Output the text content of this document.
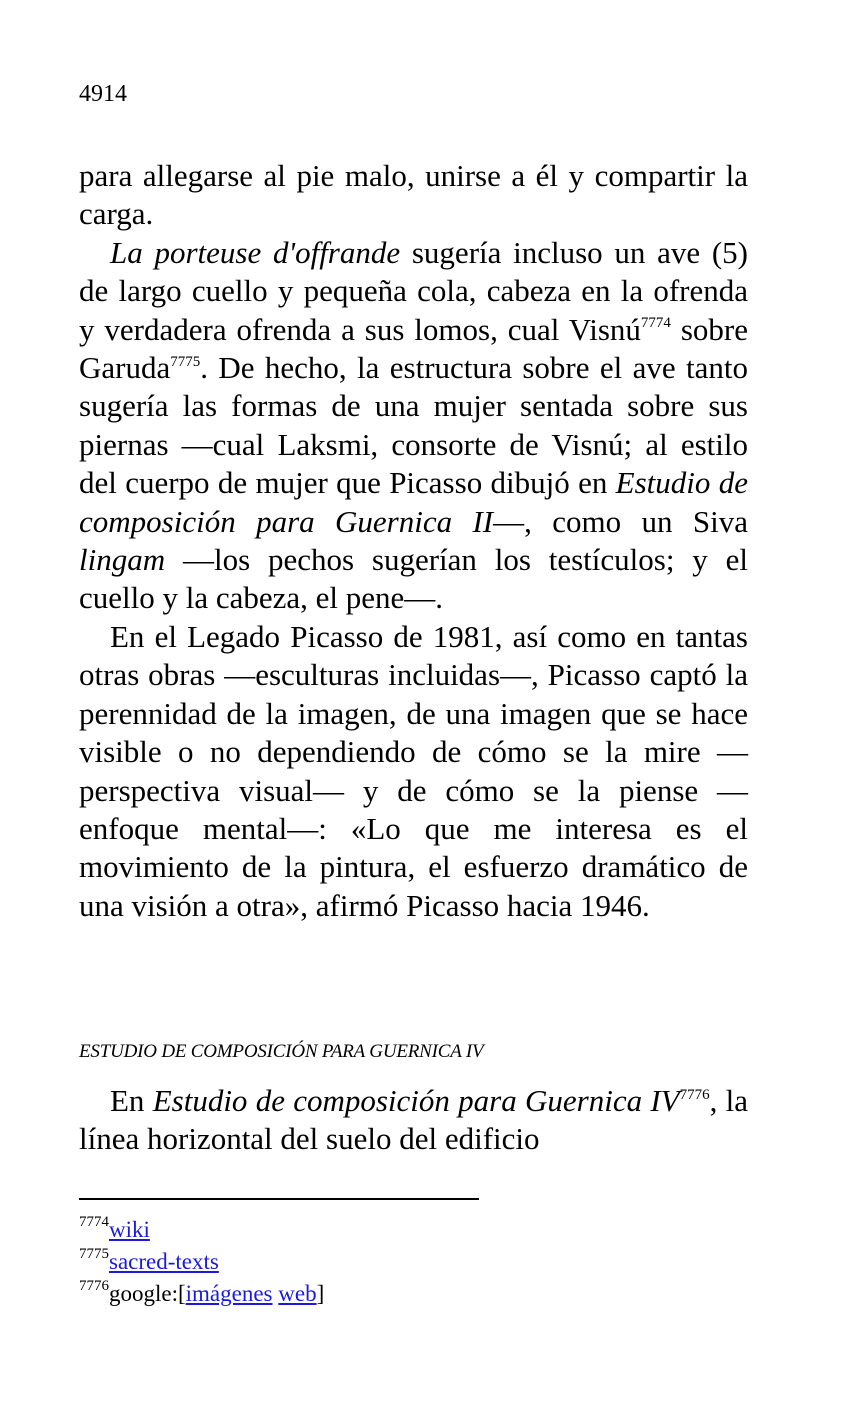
4914

para allegarse al pie malo, unirse a él y compartir la carga.

La porteuse d'offrande sugería incluso un ave (5) de largo cuello y pequeña cola, cabeza en la ofrenda y verdadera ofrenda a sus lomos, cual Visnú$^{7774}$ sobre Garuda$^{7775}$. De hecho, la estructura sobre el ave tanto sugería las formas de una mujer sentada sobre sus piernas —cual Laksmi, consorte de Visnú; al estilo del cuerpo de mujer que Picasso dibujó en Estudio de composición para Guernica II—, como un Siva lingam —los pechos sugerían los testículos; y el cuello y la cabeza, el pene—.

En el Legado Picasso de 1981, así como en tantas otras obras —esculturas incluidas—, Picasso captó la perennidad de la imagen, de una imagen que se hace visible o no dependiendo de cómo se la mire —perspectiva visual— y de cómo se la piense —enfoque mental—: «Lo que me interesa es el movimiento de la pintura, el esfuerzo dramático de una visión a otra», afirmó Picasso hacia 1946.

ESTUDIO DE COMPOSICIÓN PARA GUERNICA IV

En Estudio de composición para Guernica $IV^{7776}$, la línea horizontal del suelo del edificio

$^{7774}$wiki
$^{7775}$sacred-texts
$^{7776}$google:[imágenes web]
